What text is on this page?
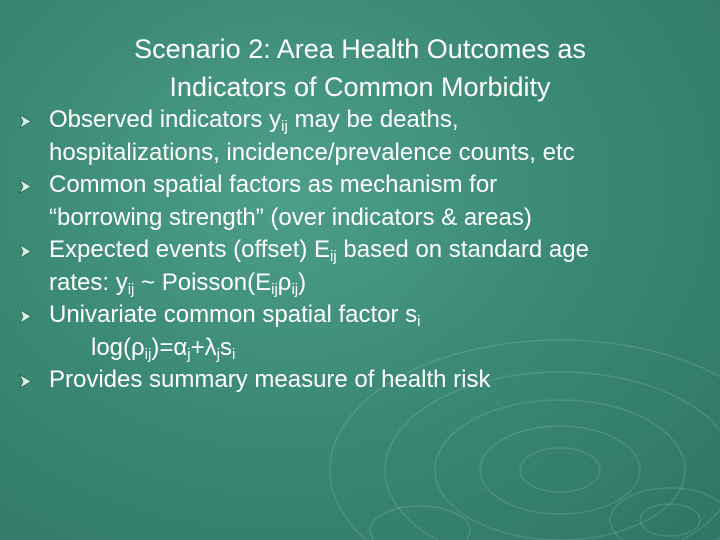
Scenario 2: Area Health Outcomes as
Indicators of Common Morbidity
Observed indicators $y_{ij}$ may be deaths,
hospitalizations, incidence/prevalence counts, etc
Common spatial factors as mechanism for
“borrowing strength” (over indicators & areas)
Expected events (offset) $E_{ij}$ based on standard age
rates: $y_{ij}$ ~ $Poisson(E_{ij}\rho_{ij})$
Univariate common spatial factor $s_i$
$\log(\rho_{ij})=\alpha_j+\lambda_js_i$
Provides summary measure of health risk
